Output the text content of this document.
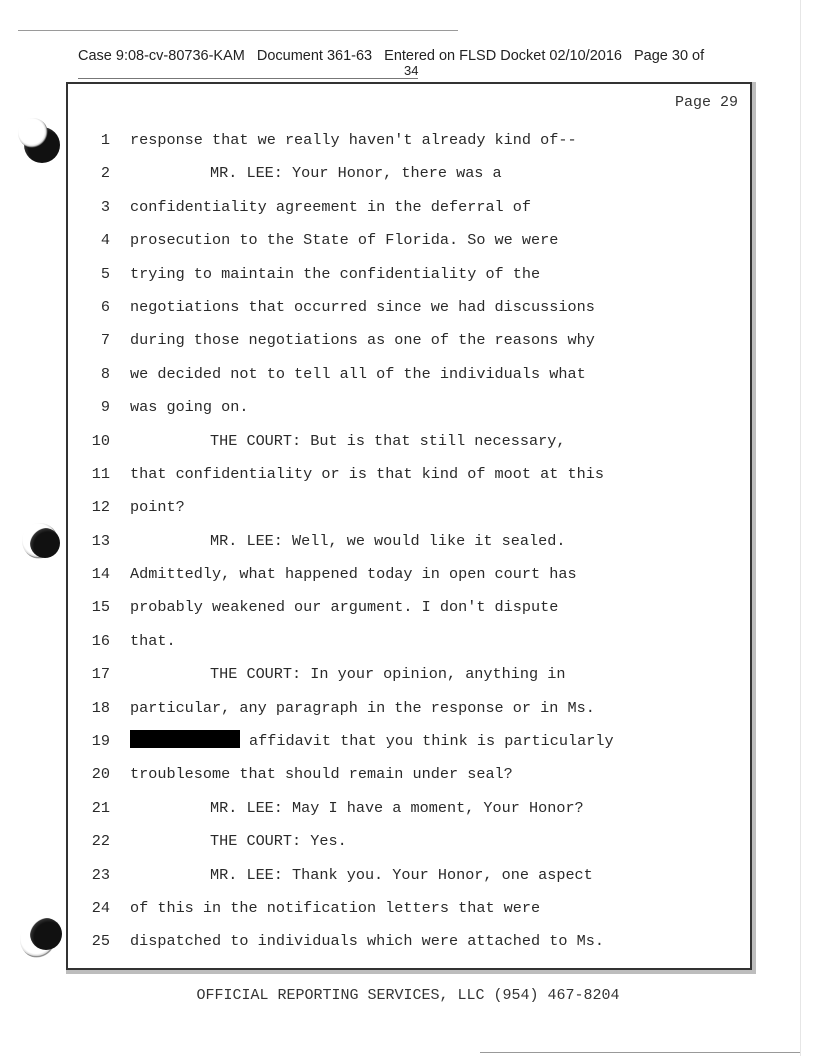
Case 9:08-cv-80736-KAM Document 361-63 Entered on FLSD Docket 02/10/2016 Page 30 of
34
Page 29
1 response that we really haven't already kind of--
2	MR. LEE: Your Honor, there was a
3 confidentiality agreement in the deferral of
4 prosecution to the State of Florida. So we were
5 trying to maintain the confidentiality of the
6 negotiations that occurred since we had discussions
7 during those negotiations as one of the reasons why
8 we decided not to tell all of the individuals what
9 was going on.
10	THE COURT: But is that still necessary,
11 that confidentiality or is that kind of moot at this
12 point?
13	MR. LEE: Well, we would like it sealed.
14 Admittedly, what happened today in open court has
15 probably weakened our argument. I don't dispute
16 that.
17	THE COURT: In your opinion, anything in
18 particular, any paragraph in the response or in Ms.
19	affidavit that you think is particularly
20 troublesome that should remain under seal?
21	MR. LEE: May I have a moment, Your Honor?
22	THE COURT: Yes.
23	MR. LEE: Thank you. Your Honor, one aspect
24 of this in the notification letters that were
25 dispatched to individuals which were attached to Ms.
OFFICIAL REPORTING SERVICES, LLC (954) 467-8204
